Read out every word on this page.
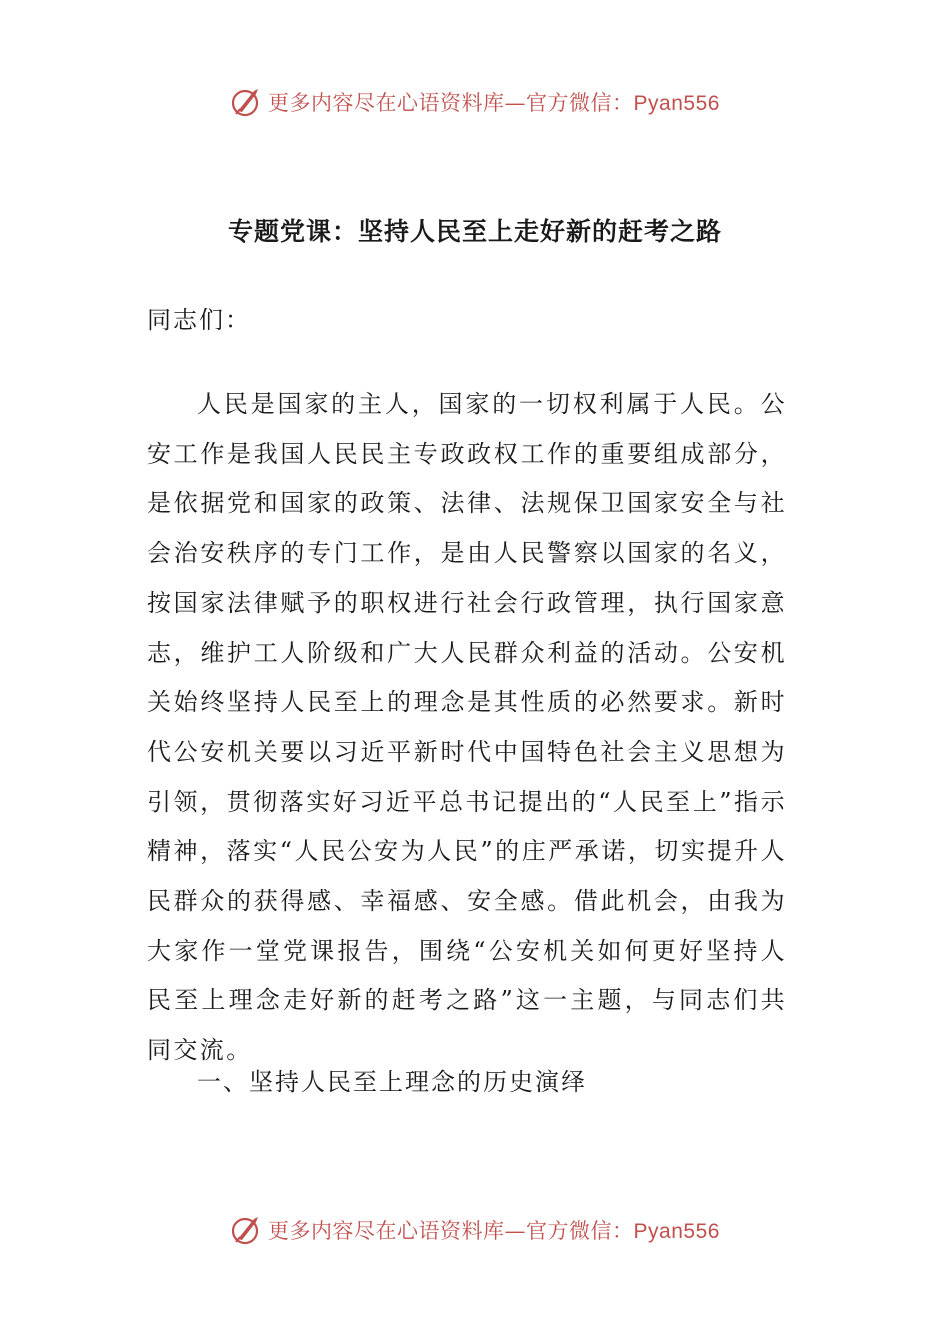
更多内容尽在心语资料库—官方微信：Pyan556
专题党课：坚持人民至上走好新的赶考之路

同志们：

人民是国家的主人，国家的一切权利属于人民。公安工作是我国人民民主专政政权工作的重要组成部分，是依据党和国家的政策、法律、法规保卫国家安全与社会治安秩序的专门工作，是由人民警察以国家的名义，按国家法律赋予的职权进行社会行政管理，执行国家意志，维护工人阶级和广大人民群众利益的活动。公安机关始终坚持人民至上的理念是其性质的必然要求。新时代公安机关要以习近平新时代中国特色社会主义思想为引领，贯彻落实好习近平总书记提出的“人民至上”指示精神，落实“人民公安为人民”的庄严承诺，切实提升人民群众的获得感、幸福感、安全感。借此机会，由我为大家作一堂党课报告，围绕“公安机关如何更好坚持人民至上理念走好新的赶考之路”这一主题，与同志们共同交流。

一、坚持人民至上理念的历史演绎

更多内容尽在心语资料库—官方微信：Pyan556
